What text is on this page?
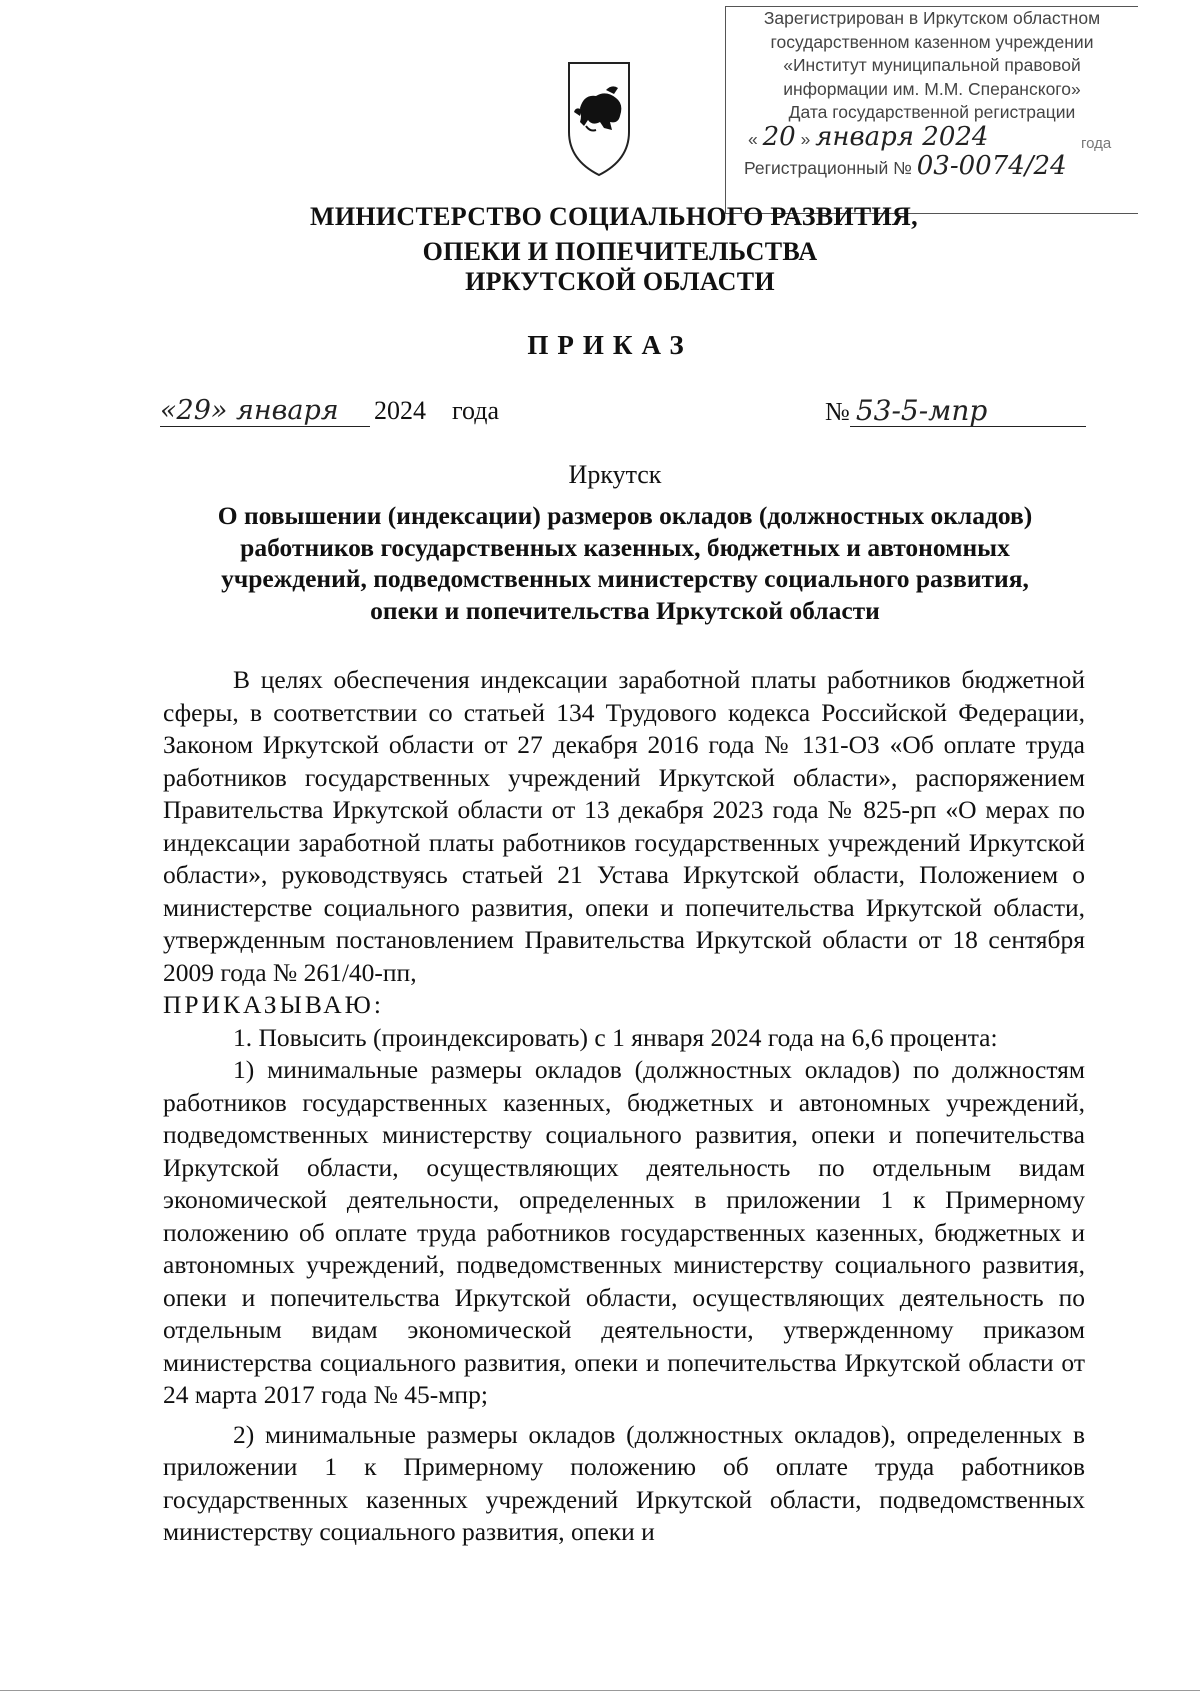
Зарегистрирован в Иркутском областном
государственном казенном учреждении
«Институт муниципальной правовой
информации им. М.М. Сперанского»
Дата государственной регистрации
« 20 » января 2024	года
Регистрационный № 03-0074/24
МИНИСТЕРСТВО СОЦИАЛЬНОГО РАЗВИТИЯ,
ОПЕКИ И ПОПЕЧИТЕЛЬСТВА
ИРКУТСКОЙ ОБЛАСТИ
ПРИКАЗ
«29» января 2024 года	№ 53-5-мпр
Иркутск
О повышении (индексации) размеров окладов (должностных окладов)
работников государственных казенных, бюджетных и автономных
учреждений, подведомственных министерству социального развития,
опеки и попечительства Иркутской области

В целях обеспечения индексации заработной платы работников бюджетной сферы, в соответствии со статьей 134 Трудового кодекса Российской Федерации, Законом Иркутской области от 27 декабря 2016 года № 131-ОЗ «Об оплате труда работников государственных учреждений Иркутской области», распоряжением Правительства Иркутской области от 13 декабря 2023 года № 825-рп «О мерах по индексации заработной платы работников государственных учреждений Иркутской области», руководствуясь статьей 21 Устава Иркутской области, Положением о министерстве социального развития, опеки и попечительства Иркутской области, утвержденным постановлением Правительства Иркутской области от 18 сентября 2009 года № 261/40-пп,

ПРИКАЗЫВАЮ:

1. Повысить (проиндексировать) с 1 января 2024 года на 6,6 процента:

1) минимальные размеры окладов (должностных окладов) по должностям работников государственных казенных, бюджетных и автономных учреждений, подведомственных министерству социального развития, опеки и попечительства Иркутской области, осуществляющих деятельность по отдельным видам экономической деятельности, определенных в приложении 1 к Примерному положению об оплате труда работников государственных казенных, бюджетных и автономных учреждений, подведомственных министерству социального развития, опеки и попечительства Иркутской области, осуществляющих деятельность по отдельным видам экономической деятельности, утвержденному приказом министерства социального развития, опеки и попечительства Иркутской области от 24 марта 2017 года № 45-мпр;

2) минимальные размеры окладов (должностных окладов), определенных в приложении 1 к Примерному положению об оплате труда работников государственных казенных учреждений Иркутской области, подведомственных министерству социального развития, опеки и
